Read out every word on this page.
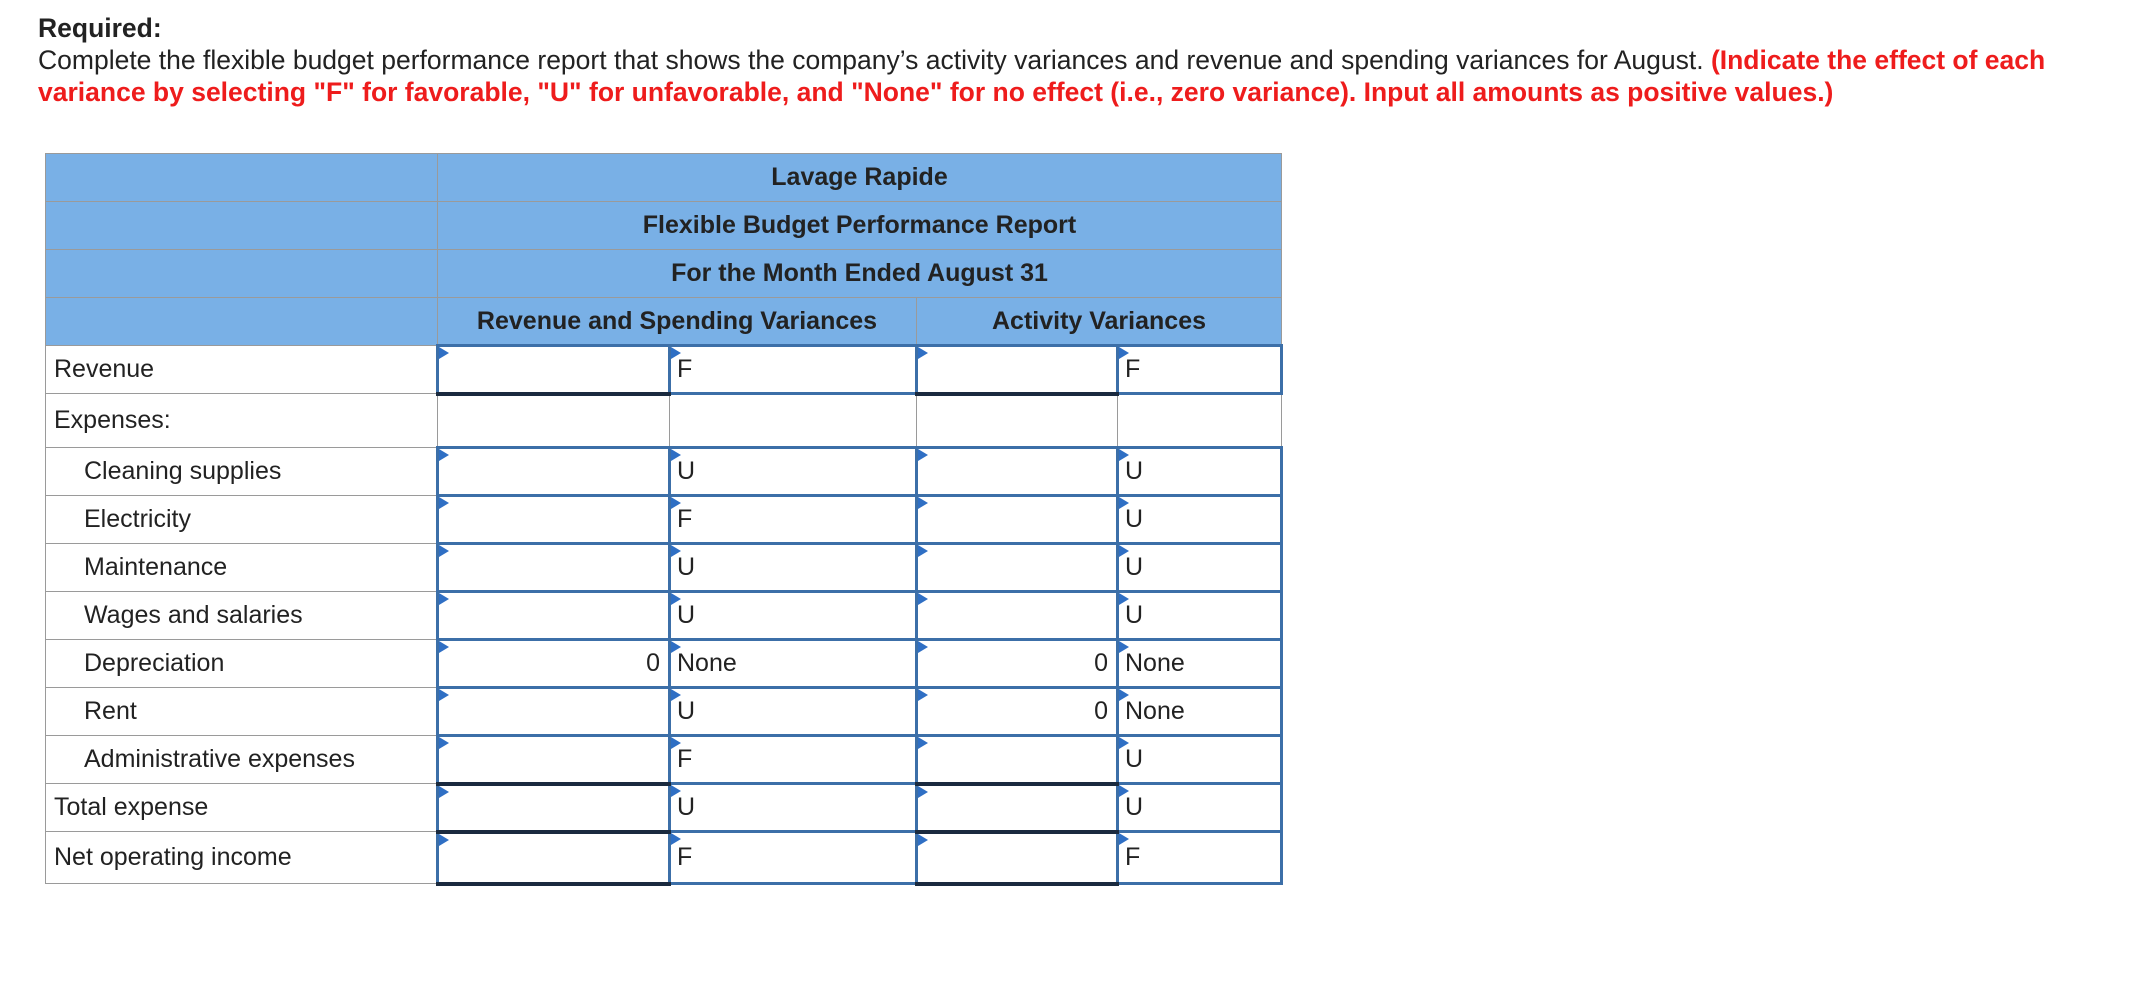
Required:
Complete the flexible budget performance report that shows the company’s activity variances and revenue and spending variances for August. (Indicate the effect of each variance by selecting "F" for favorable, "U" for unfavorable, and "None" for no effect (i.e., zero variance). Input all amounts as positive values.)
	Lavage Rapide			
	Flexible Budget Performance Report			
	For the Month Ended August 31			
	Revenue and Spending Variances		Activity Variances	
Revenue		F		F
Expenses:				
Cleaning supplies		U		U
Electricity		F		U
Maintenance		U		U
Wages and salaries		U		U
Depreciation	0	None	0	None
Rent		U	0	None
Administrative expenses		F		U
Total expense		U		U
Net operating income		F		F
